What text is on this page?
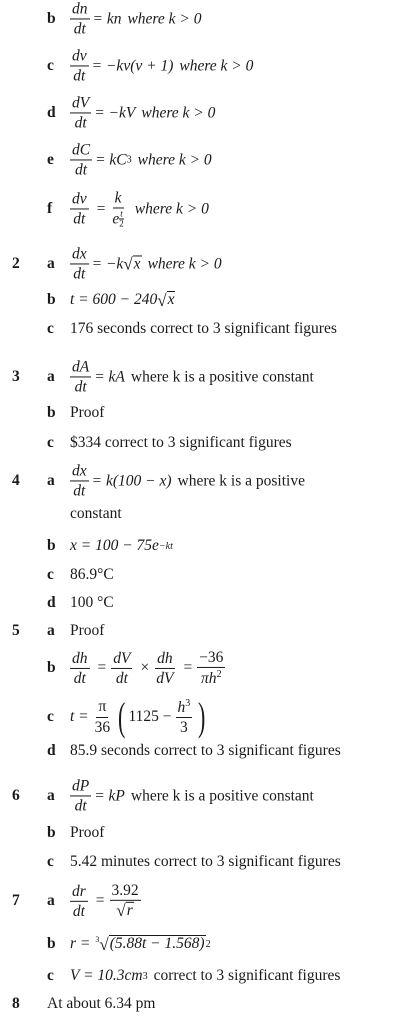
b $\frac{dn}{dt}$ = kn where k > 0
c $\frac{dv}{dt} = -kv(v + 1)$ where k > 0
d $\frac{dV}{dt} = -kV$ where k > 0
e $\frac{dC}{dt}$ = kC 3 where k > 0
f $\frac{dv}{dt} = \frac{k}{e \frac{t}{2}}$ where k > 0
2 a $\frac{dx}{dt} = -k$ √ x where k > 0
b t = 600 − 240 √ x
c 176 seconds correct to 3 significant figures
3 a $\frac{dA}{dt}$ = kA where k is a positive constant
b Proof
c $334 correct to 3 significant figures
4 a $\frac{dx}{dt} = k(100 - x)$ where k is a positive
constant
b x = 100 − 75e −kt
c 86.9°C
d 100 °C
5 a Proof
b $\frac{dh}{dt} = \frac{dV}{dt} \times \frac{dh}{dV} = \frac{-36}{\pi h^2}$
c $t = \frac{\pi}{36}$ ( $1125 - \frac{h^3}{3}$ )
d 85.9 seconds correct to 3 significant figures
6 a $\frac{dP}{dt}$ = kP where k is a positive constant
b Proof
c 5.42 minutes correct to 3 significant figures
7 a $\frac{dr}{dt} = \frac{3.92}{√ r}$
b r = $^3$√ (5.88t − 1.568) 2
c V = 10.3cm 3 correct to 3 significant figures
8 At about 6.34 pm
